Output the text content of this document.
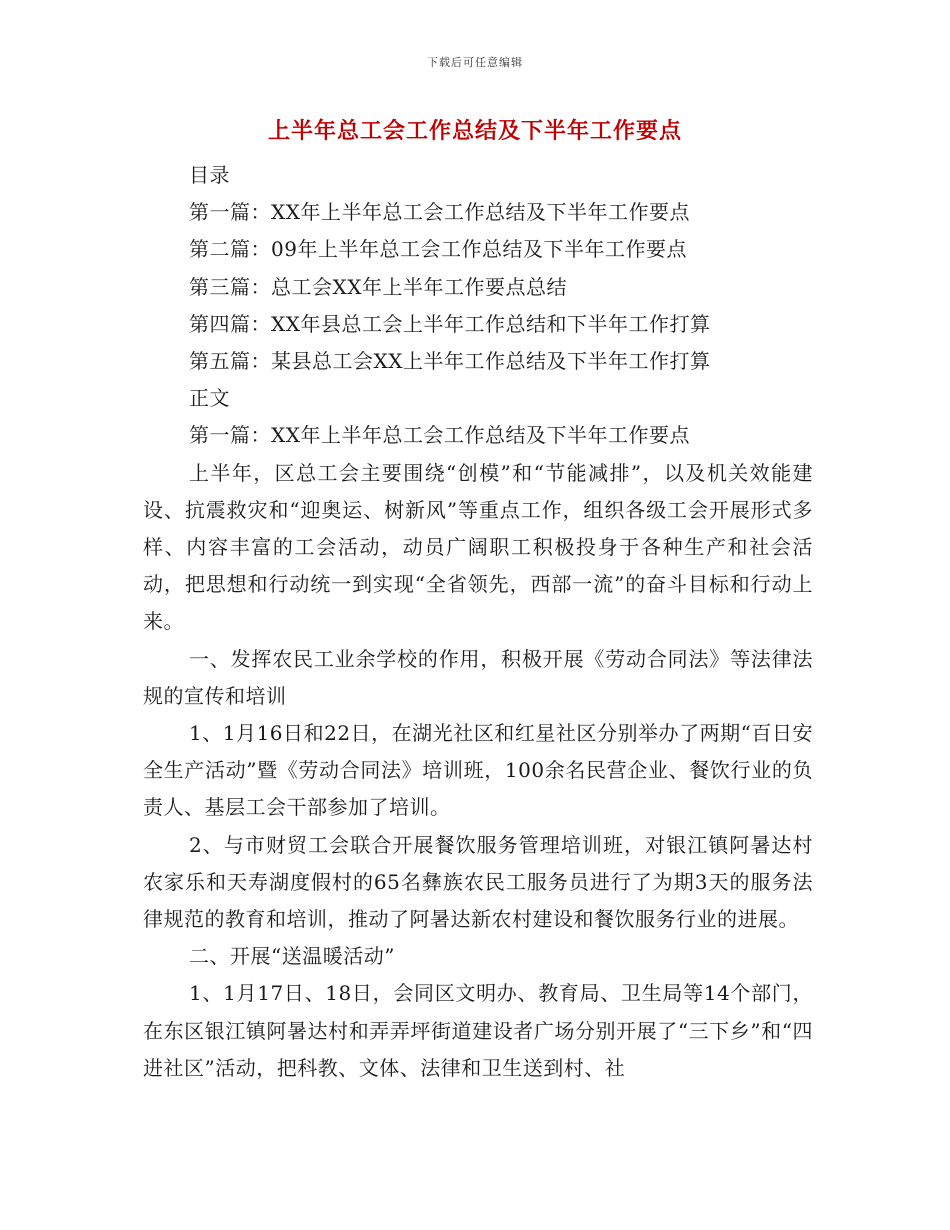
下载后可任意编辑
上半年总工会工作总结及下半年工作要点

目录

第一篇：XX年上半年总工会工作总结及下半年工作要点

第二篇：09年上半年总工会工作总结及下半年工作要点

第三篇：总工会XX年上半年工作要点总结

第四篇：XX年县总工会上半年工作总结和下半年工作打算

第五篇：某县总工会XX上半年工作总结及下半年工作打算

正文

第一篇：XX年上半年总工会工作总结及下半年工作要点

上半年，区总工会主要围绕“创模”和“节能减排”，以及机关效能建设、抗震救灾和“迎奥运、树新风”等重点工作，组织各级工会开展形式多样、内容丰富的工会活动，动员广阔职工积极投身于各种生产和社会活动，把思想和行动统一到实现“全省领先，西部一流”的奋斗目标和行动上来。

一、发挥农民工业余学校的作用，积极开展《劳动合同法》等法律法规的宣传和培训

1、1月16日和22日，在湖光社区和红星社区分别举办了两期“百日安全生产活动”暨《劳动合同法》培训班，100余名民营企业、餐饮行业的负责人、基层工会干部参加了培训。

2、与市财贸工会联合开展餐饮服务管理培训班，对银江镇阿暑达村农家乐和天寿湖度假村的65名彝族农民工服务员进行了为期3天的服务法律规范的教育和培训，推动了阿暑达新农村建设和餐饮服务行业的进展。

二、开展“送温暖活动”

1、1月17日、18日，会同区文明办、教育局、卫生局等14个部门，在东区银江镇阿暑达村和弄弄坪街道建设者广场分别开展了“三下乡”和“四进社区”活动，把科教、文体、法律和卫生送到村、社
